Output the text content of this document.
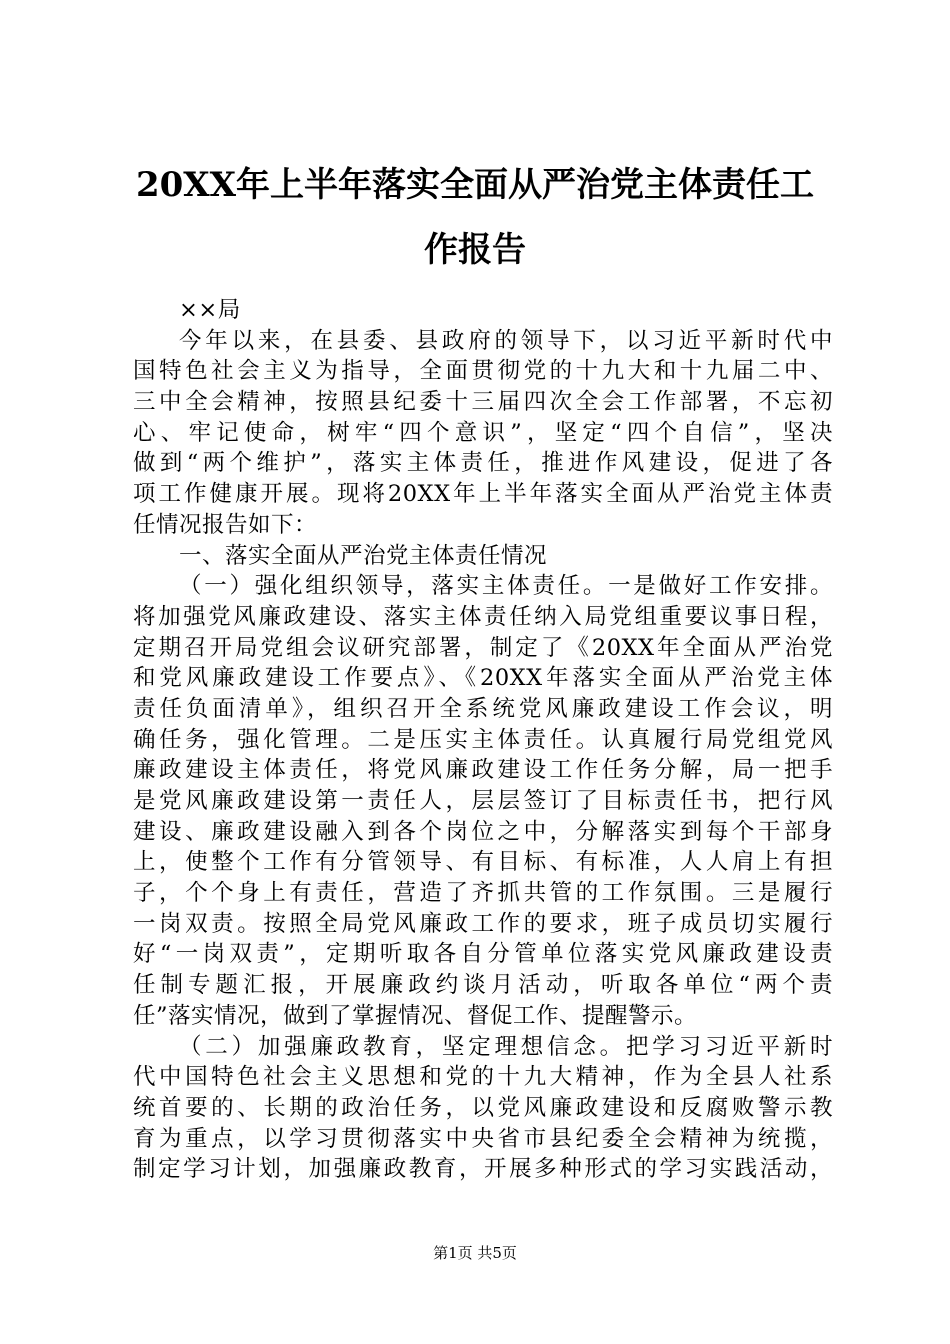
20XX年上半年落实全面从严治党主体责任工
作报告
××局
今年以来，在县委、县政府的领导下，以习近平新时代中
国特色社会主义为指导，全面贯彻党的十九大和十九届二中、
三中全会精神，按照县纪委十三届四次全会工作部署，不忘初
心、牢记使命，树牢“四个意识”，坚定“四个自信”，坚决
做到“两个维护”，落实主体责任，推进作风建设，促进了各
项工作健康开展。现将20XX年上半年落实全面从严治党主体责
任情况报告如下：
一、落实全面从严治党主体责任情况
（一）强化组织领导，落实主体责任。一是做好工作安排。
将加强党风廉政建设、落实主体责任纳入局党组重要议事日程，
定期召开局党组会议研究部署，制定了《20XX年全面从严治党
和党风廉政建设工作要点》、《20XX年落实全面从严治党主体
责任负面清单》，组织召开全系统党风廉政建设工作会议，明
确任务，强化管理。二是压实主体责任。认真履行局党组党风
廉政建设主体责任，将党风廉政建设工作任务分解，局一把手
是党风廉政建设第一责任人，层层签订了目标责任书，把行风
建设、廉政建设融入到各个岗位之中，分解落实到每个干部身
上，使整个工作有分管领导、有目标、有标准，人人肩上有担
子，个个身上有责任，营造了齐抓共管的工作氛围。三是履行
一岗双责。按照全局党风廉政工作的要求，班子成员切实履行
好“一岗双责”，定期听取各自分管单位落实党风廉政建设责
任制专题汇报，开展廉政约谈月活动，听取各单位“两个责
任”落实情况，做到了掌握情况、督促工作、提醒警示。
（二）加强廉政教育，坚定理想信念。把学习习近平新时
代中国特色社会主义思想和党的十九大精神，作为全县人社系
统首要的、长期的政治任务，以党风廉政建设和反腐败警示教
育为重点，以学习贯彻落实中央省市县纪委全会精神为统揽，
制定学习计划，加强廉政教育，开展多种形式的学习实践活动，
第1页 共5页
